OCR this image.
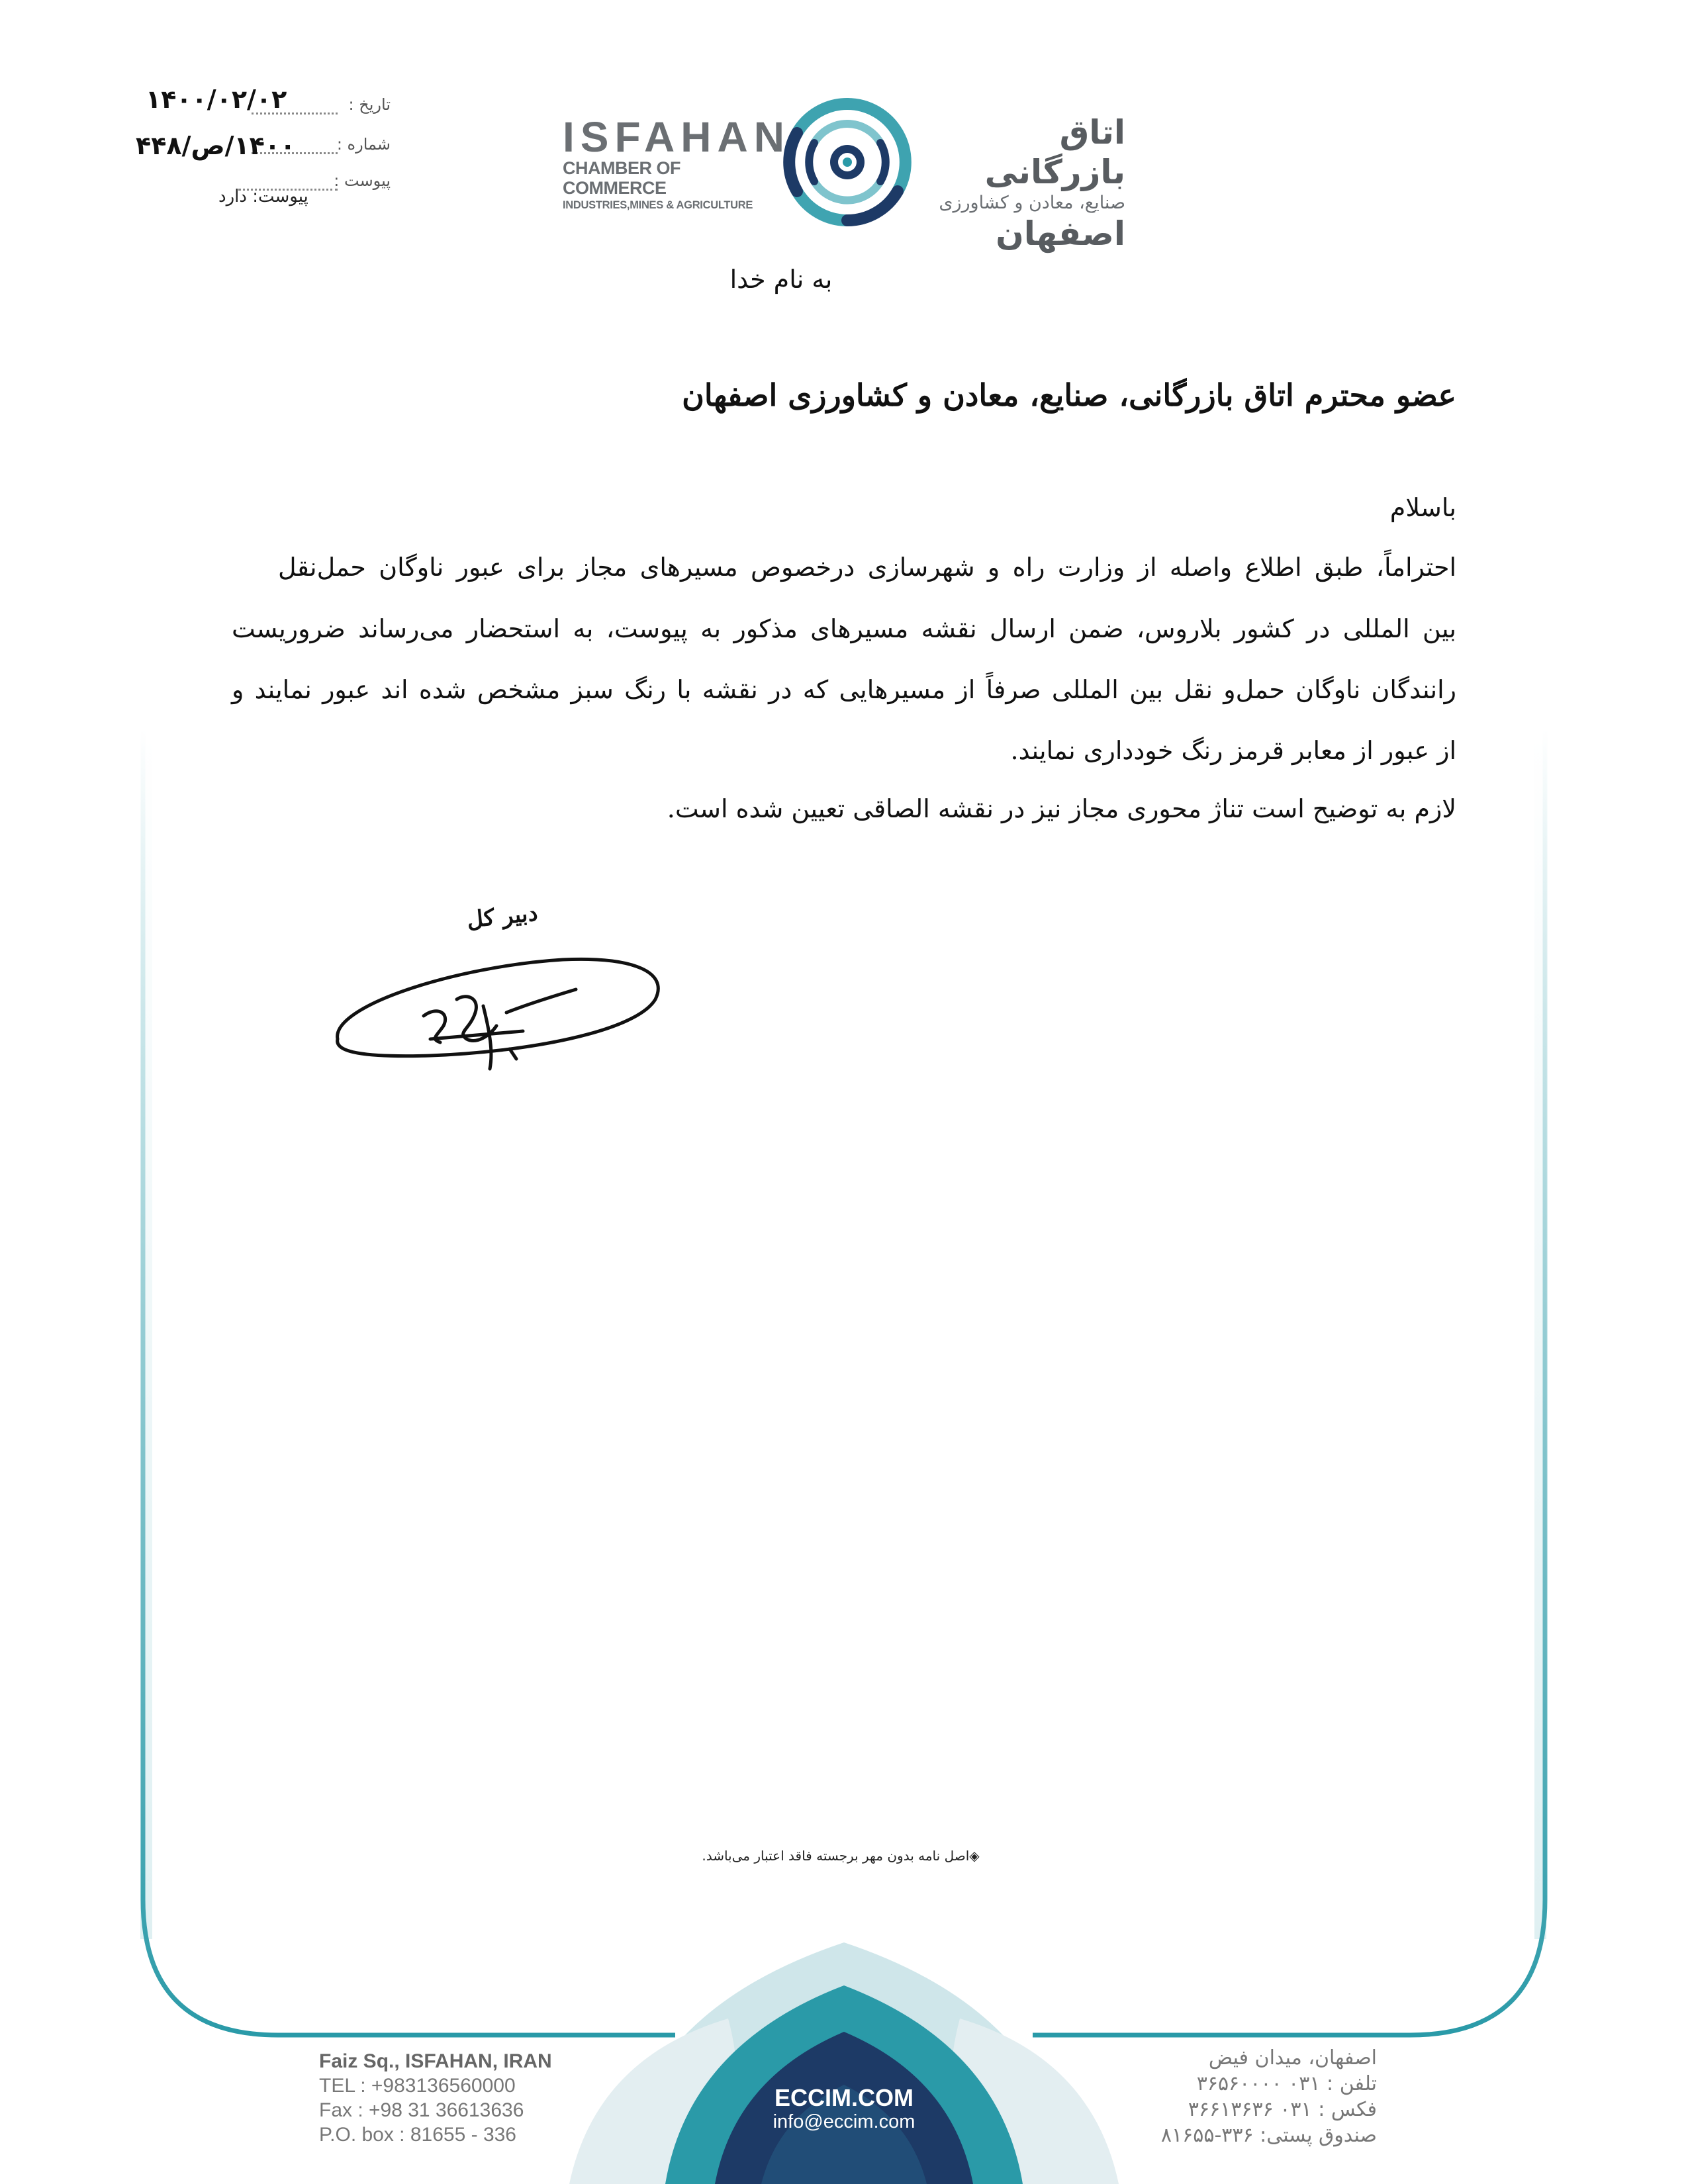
تاریخ :
۱۴۰۰/۰۲/۰۲
شماره :
۱۴۰۰/ص/۴۴۸
پیوست :
پیوست: دارد
ISFAHAN
CHAMBER OF COMMERCE
INDUSTRIES,MINES & AGRICULTURE
اتاق بازرگانی
صنایع، معادن و کشاورزی
اصفهان
به نام خدا
عضو محترم اتاق بازرگانی، صنایع، معادن و کشاورزی اصفهان
باسلام
احتراماً، طبق اطلاع واصله از وزارت راه و شهرسازی درخصوص مسیرهای مجاز برای عبور ناوگان حمل‌نقل
بین المللی در کشور بلاروس، ضمن ارسال نقشه مسیرهای مذکور به پیوست، به استحضار می‌رساند ضروریست
رانندگان ناوگان حمل‌و نقل بین المللی صرفاً از مسیرهایی که در نقشه با رنگ سبز مشخص شده اند عبور نمایند و
از عبور از معابر قرمز رنگ خودداری نمایند.
لازم به توضیح است تناژ محوری مجاز نیز در نقشه الصاقی تعیین شده است.
دبیر کل
◈اصل نامه بدون مهر برجسته فاقد اعتبار می‌باشد.
Faiz Sq., ISFAHAN, IRAN
TEL : +983136560000
Fax : +98 31 36613636
P.O. box : 81655 - 336
ECCIM.COM
info@eccim.com
اصفهان، میدان فیض
تلفن : ۰۳۱ ۳۶۵۶۰۰۰۰
فکس : ۰۳۱ ۳۶۶۱۳۶۳۶
صندوق پستی: ۳۳۶-۸۱۶۵۵
